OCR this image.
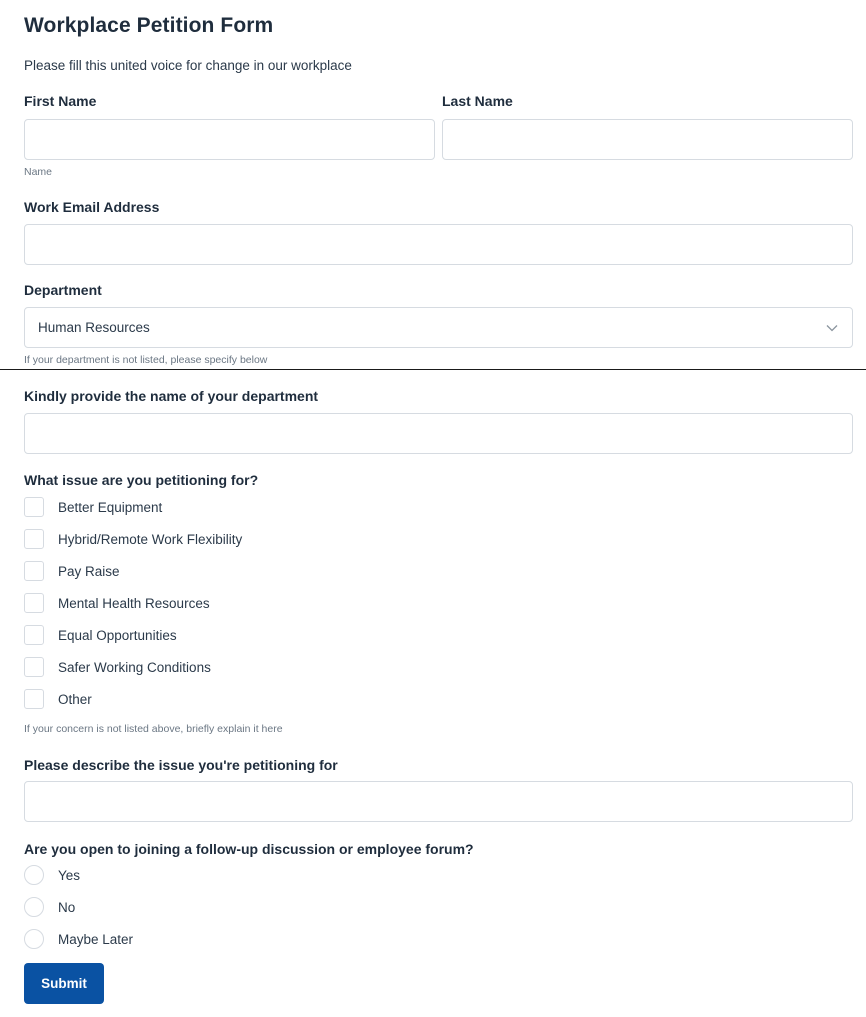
Workplace Petition Form
Please fill this united voice for change in our workplace
First Name	Last Name
Name
Work Email Address
Department
Human Resources
If your department is not listed, please specify below
Kindly provide the name of your department
What issue are you petitioning for?
Better Equipment
Hybrid/Remote Work Flexibility
Pay Raise
Mental Health Resources
Equal Opportunities
Safer Working Conditions
Other
If your concern is not listed above, briefly explain it here
Please describe the issue you're petitioning for
Are you open to joining a follow-up discussion or employee forum?
Yes
No
Maybe Later
Submit
